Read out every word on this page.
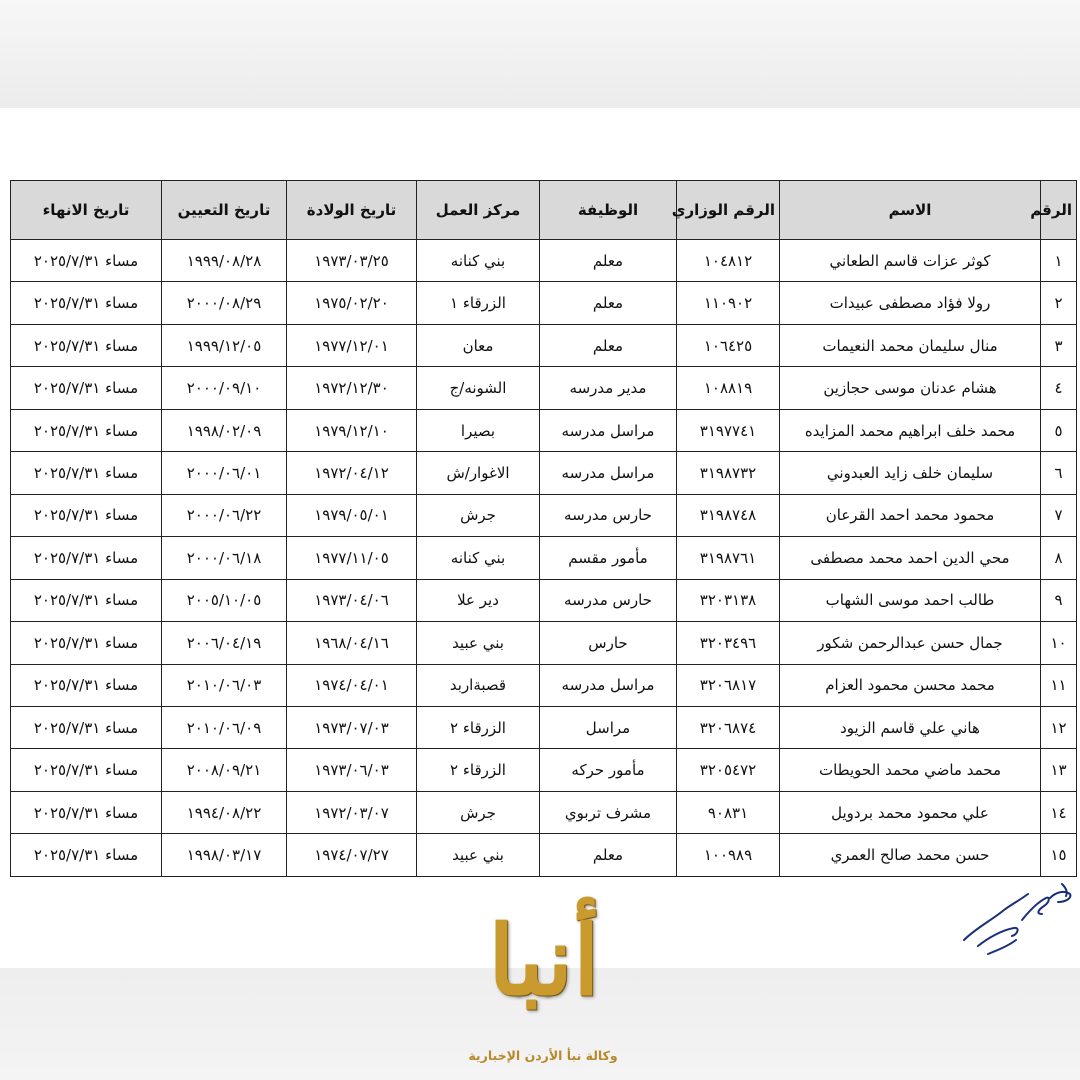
الرقم	الاسم	الرقم الوزاري	الوظيفة	مركز العمل	تاريخ الولادة	تاريخ التعيين	تاريخ الانهاء
١	كوثر عزات قاسم الطعاني	١٠٤٨١٢	معلم	بني كنانه	١٩٧٣/٠٣/٢٥	١٩٩٩/٠٨/٢٨	مساء ٢٠٢٥/٧/٣١
٢	رولا فؤاد مصطفى عبيدات	١١٠٩٠٢	معلم	الزرقاء ١	١٩٧٥/٠٢/٢٠	٢٠٠٠/٠٨/٢٩	مساء ٢٠٢٥/٧/٣١
٣	منال سليمان محمد النعيمات	١٠٦٤٢٥	معلم	معان	١٩٧٧/١٢/٠١	١٩٩٩/١٢/٠٥	مساء ٢٠٢٥/٧/٣١
٤	هشام عدنان موسى حجازين	١٠٨٨١٩	مدير مدرسه	الشونه/ج	١٩٧٢/١٢/٣٠	٢٠٠٠/٠٩/١٠	مساء ٢٠٢٥/٧/٣١
٥	محمد خلف ابراهيم محمد المزايده	٣١٩٧٧٤١	مراسل مدرسه	بصيرا	١٩٧٩/١٢/١٠	١٩٩٨/٠٢/٠٩	مساء ٢٠٢٥/٧/٣١
٦	سليمان خلف زايد العبدوني	٣١٩٨٧٣٢	مراسل مدرسه	الاغوار/ش	١٩٧٢/٠٤/١٢	٢٠٠٠/٠٦/٠١	مساء ٢٠٢٥/٧/٣١
٧	محمود محمد احمد القرعان	٣١٩٨٧٤٨	حارس مدرسه	جرش	١٩٧٩/٠٥/٠١	٢٠٠٠/٠٦/٢٢	مساء ٢٠٢٥/٧/٣١
٨	محي الدين احمد محمد مصطفى	٣١٩٨٧٦١	مأمور مقسم	بني كنانه	١٩٧٧/١١/٠٥	٢٠٠٠/٠٦/١٨	مساء ٢٠٢٥/٧/٣١
٩	طالب احمد موسى الشهاب	٣٢٠٣١٣٨	حارس مدرسه	دير علا	١٩٧٣/٠٤/٠٦	٢٠٠٥/١٠/٠٥	مساء ٢٠٢٥/٧/٣١
١٠	جمال حسن عبدالرحمن شكور	٣٢٠٣٤٩٦	حارس	بني عبيد	١٩٦٨/٠٤/١٦	٢٠٠٦/٠٤/١٩	مساء ٢٠٢٥/٧/٣١
١١	محمد محسن محمود العزام	٣٢٠٦٨١٧	مراسل مدرسه	قصبةاربد	١٩٧٤/٠٤/٠١	٢٠١٠/٠٦/٠٣	مساء ٢٠٢٥/٧/٣١
١٢	هاني علي قاسم الزيود	٣٢٠٦٨٧٤	مراسل	الزرقاء ٢	١٩٧٣/٠٧/٠٣	٢٠١٠/٠٦/٠٩	مساء ٢٠٢٥/٧/٣١
١٣	محمد ماضي محمد الحويطات	٣٢٠٥٤٧٢	مأمور حركه	الزرقاء ٢	١٩٧٣/٠٦/٠٣	٢٠٠٨/٠٩/٢١	مساء ٢٠٢٥/٧/٣١
١٤	علي محمود محمد بردويل	٩٠٨٣١	مشرف تربوي	جرش	١٩٧٢/٠٣/٠٧	١٩٩٤/٠٨/٢٢	مساء ٢٠٢٥/٧/٣١
١٥	حسن محمد صالح العمري	١٠٠٩٨٩	معلم	بني عبيد	١٩٧٤/٠٧/٢٧	١٩٩٨/٠٣/١٧	مساء ٢٠٢٥/٧/٣١
أنبا
وكالة نبأ الأردن الإخبارية
